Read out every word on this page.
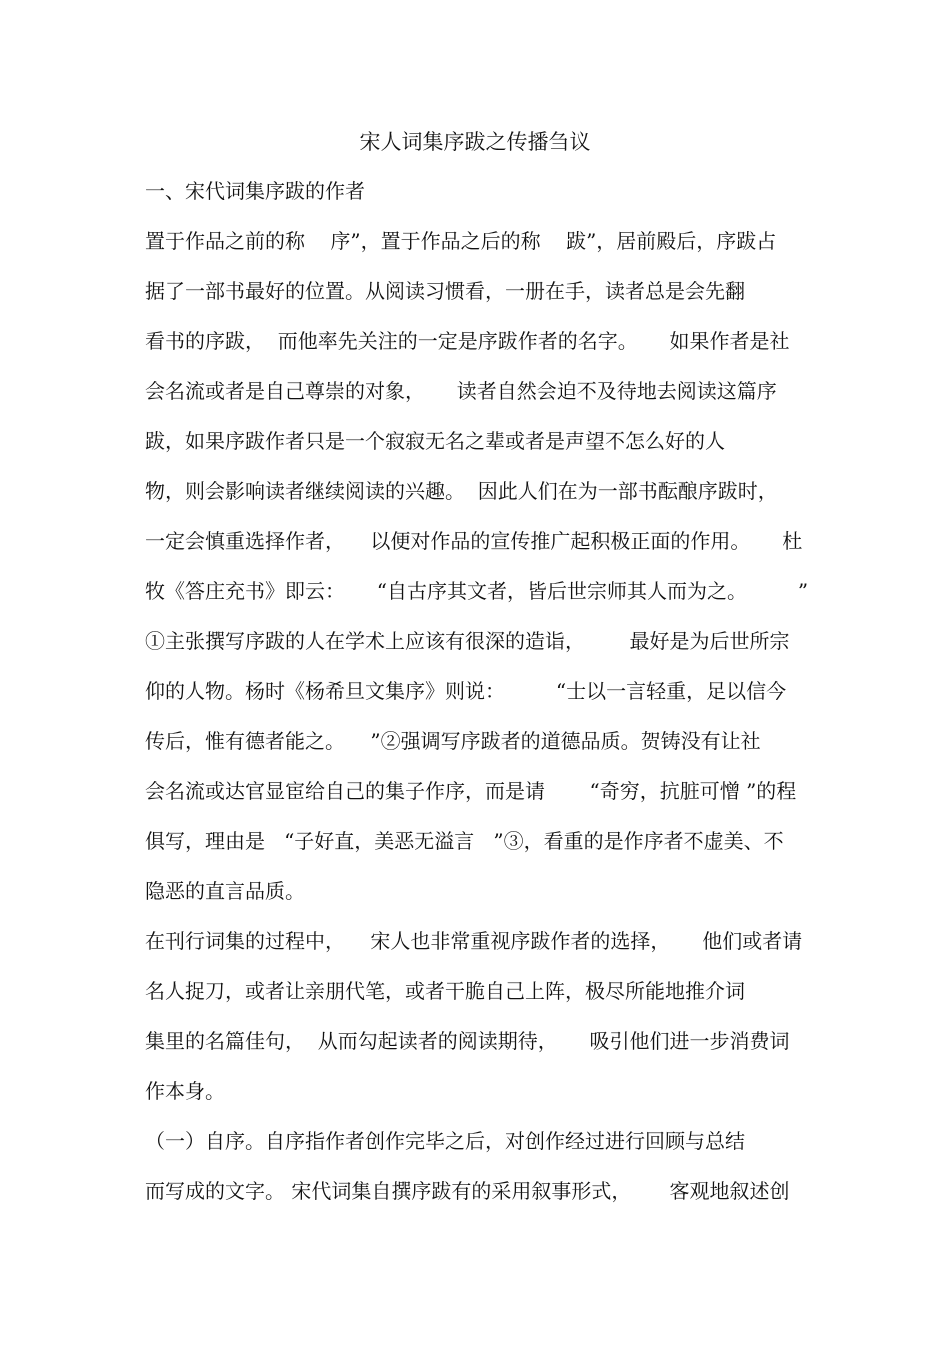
宋人词集序跋之传播刍议
一、宋代词集序跋的作者
置于作品之前的称    序”，置于作品之后的称    跋”，居前殿后，序跋占
据了一部书最好的位置。从阅读习惯看，一册在手，读者总是会先翻
看书的序跋，  而他率先关注的一定是序跋作者的名字。     如果作者是社
会名流或者是自己尊崇的对象，     读者自然会迫不及待地去阅读这篇序
跋，如果序跋作者只是一个寂寂无名之辈或者是声望不怎么好的人
物，则会影响读者继续阅读的兴趣。  因此人们在为一部书酝酿序跋时，
一定会慎重选择作者，    以便对作品的宣传推广起积极正面的作用。     杜
牧《答庄充书》即云：     “自古序其文者，皆后世宗师其人而为之。        ”
①主张撰写序跋的人在学术上应该有很深的造诣，       最好是为后世所宗
仰的人物。杨时《杨希旦文集序》则说：        “士以一言轻重，足以信今
传后，惟有德者能之。    ”②强调写序跋者的道德品质。贺铸没有让社
会名流或达官显宦给自己的集子作序，而是请       “奇穷，抗脏可憎 ”的程
俱写，理由是   “子好直，美恶无溢言   ”③，看重的是作序者不虚美、不
隐恶的直言品质。
在刊行词集的过程中，    宋人也非常重视序跋作者的选择，     他们或者请
名人捉刀，或者让亲朋代笔，或者干脆自己上阵，极尽所能地推介词
集里的名篇佳句，  从而勾起读者的阅读期待，     吸引他们进一步消费词
作本身。
（一）自序。自序指作者创作完毕之后，对创作经过进行回顾与总结
而写成的文字。 宋代词集自撰序跋有的采用叙事形式，      客观地叙述创
